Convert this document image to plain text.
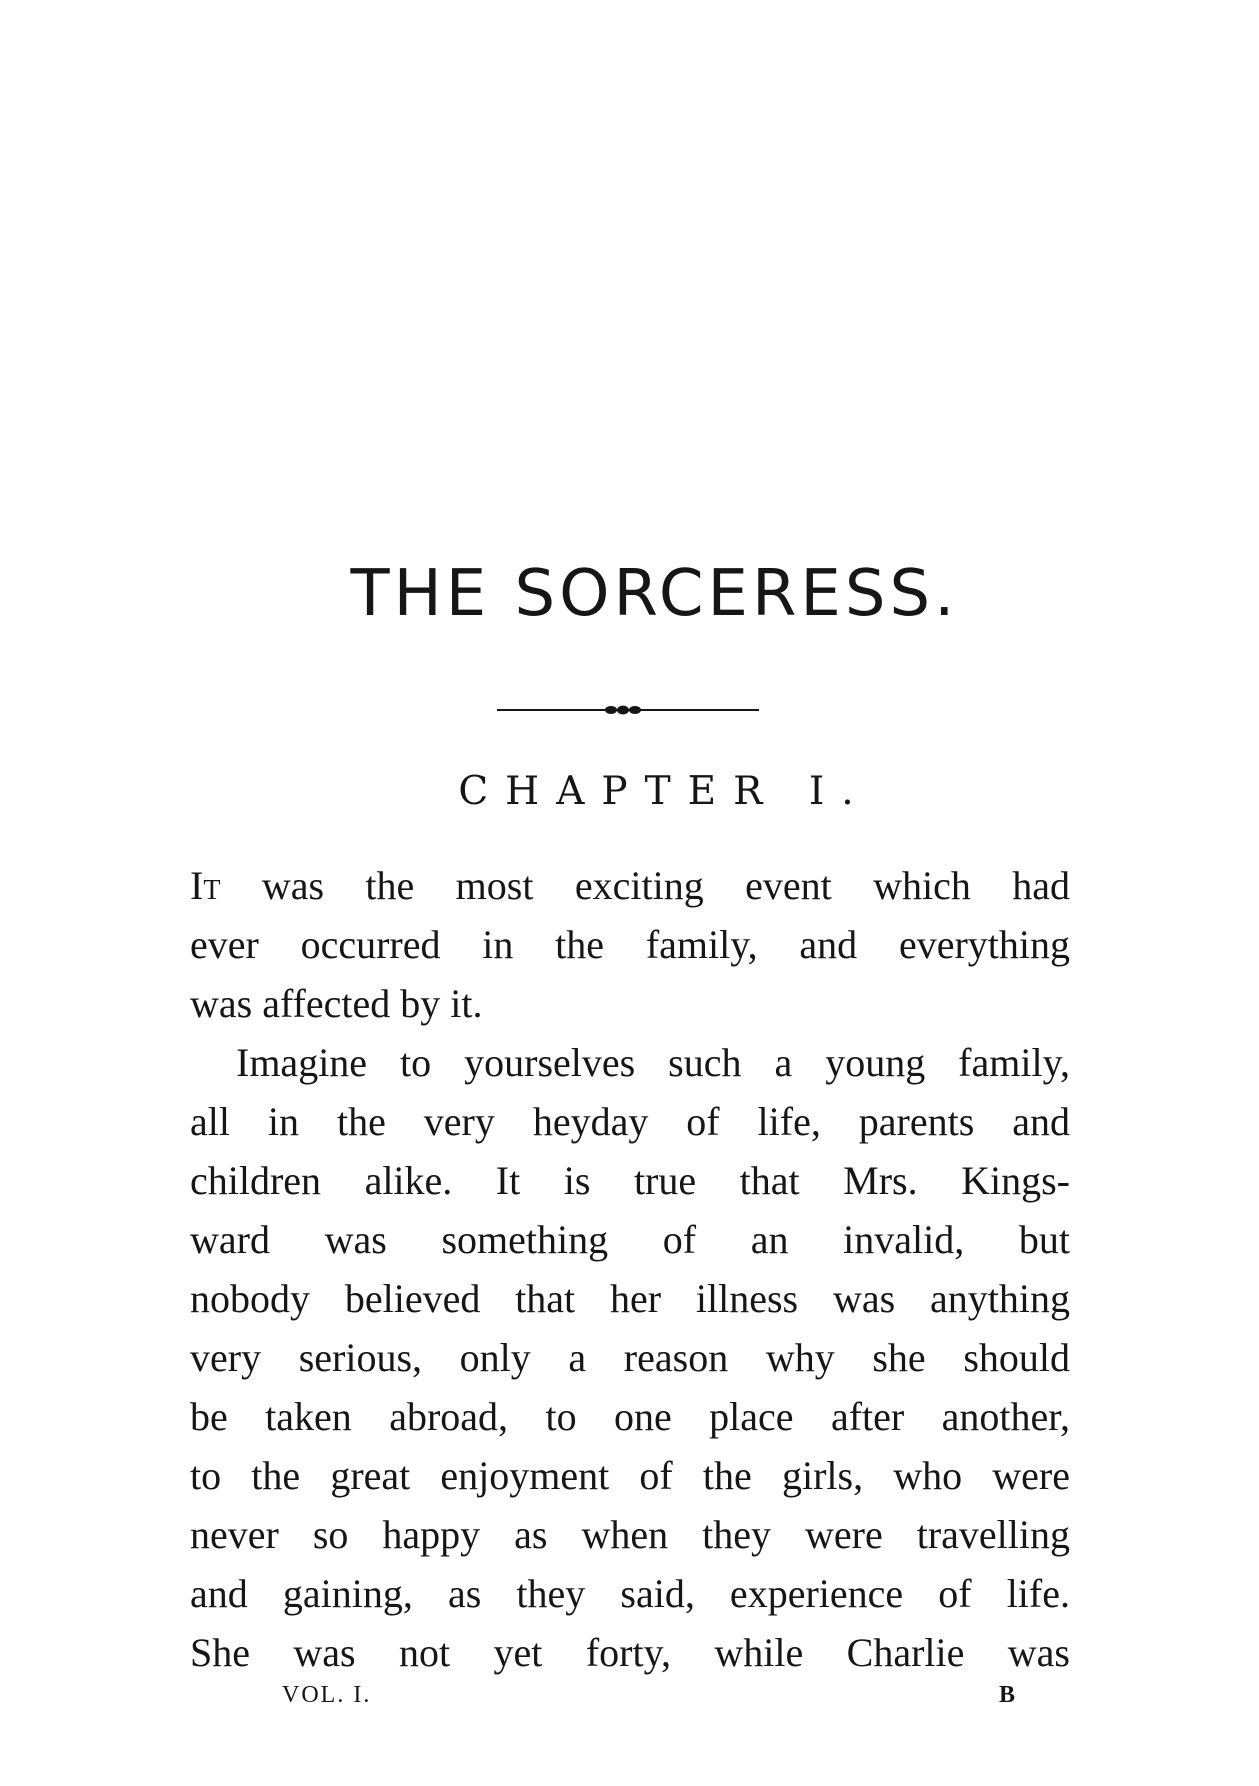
THE SORCERESS.
CHAPTER I.
It was the most exciting event which had
ever occurred in the family, and everything
was affected by it.
Imagine to yourselves such a young family,
all in the very heyday of life, parents and
children alike. It is true that Mrs. Kings-
ward was something of an invalid, but
nobody believed that her illness was anything
very serious, only a reason why she should
be taken abroad, to one place after another,
to the great enjoyment of the girls, who were
never so happy as when they were travelling
and gaining, as they said, experience of life.
She was not yet forty, while Charlie was
VOL. I.	B
